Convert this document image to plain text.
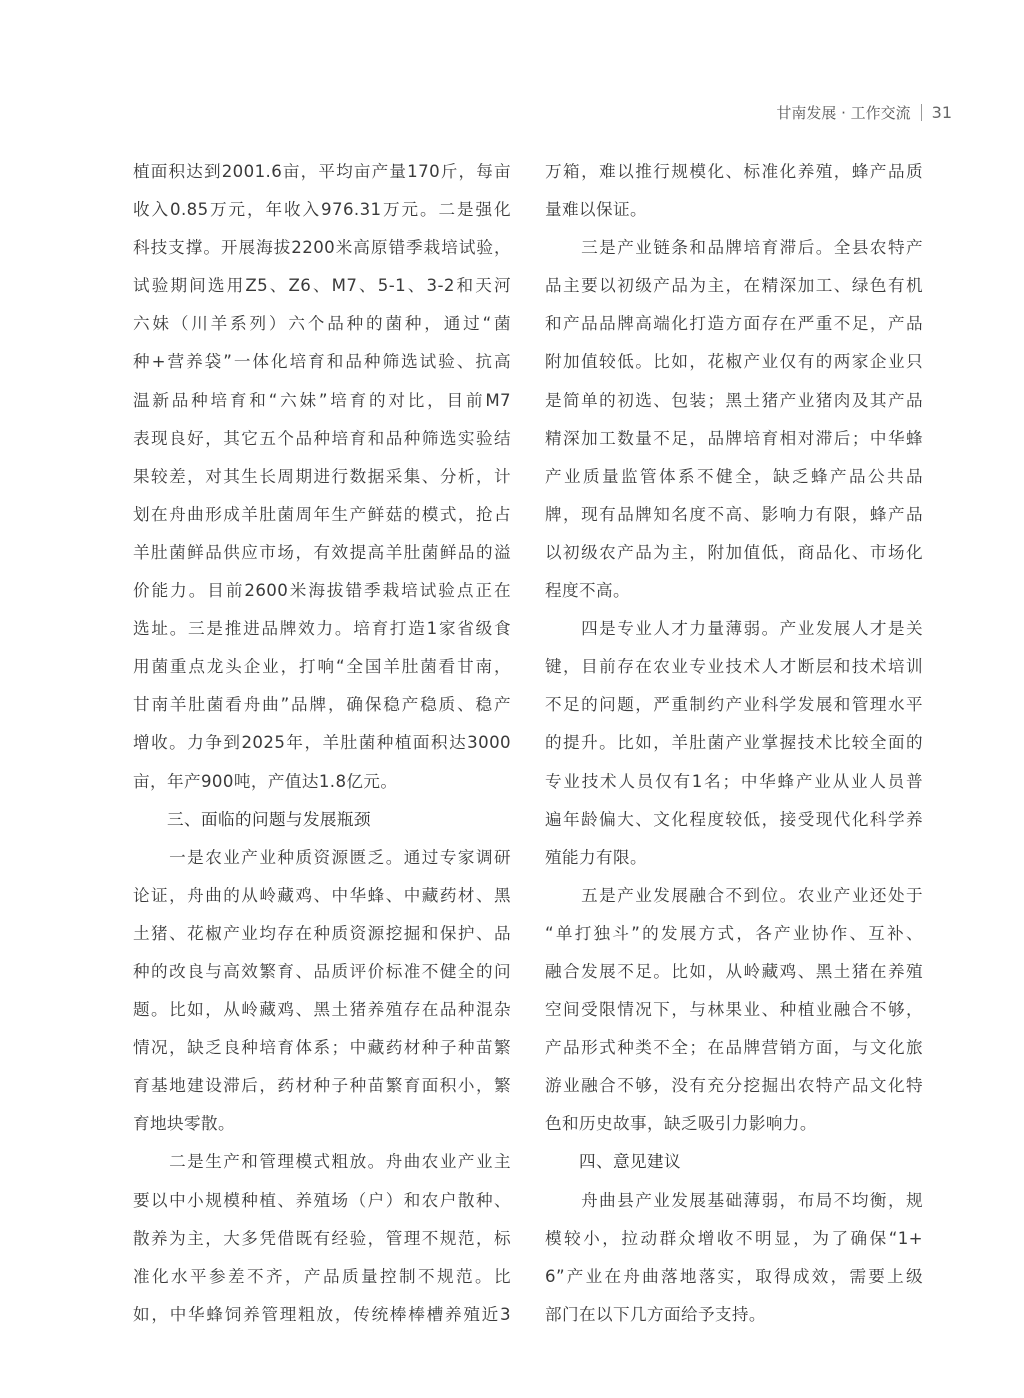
甘南发展 · 工作交流 31
植面积达到2001.6亩，平均亩产量170斤，每亩
收入0.85万元，年收入976.31万元。二是强化
科技支撑。开展海拔2200米高原错季栽培试验，
试验期间选用Z5、Z6、M7、5-1、3-2和天河
六妹（川羊系列）六个品种的菌种，通过“菌
种+营养袋”一体化培育和品种筛选试验、抗高
温新品种培育和“六妹”培育的对比，目前M7
表现良好，其它五个品种培育和品种筛选实验结
果较差，对其生长周期进行数据采集、分析，计
划在舟曲形成羊肚菌周年生产鲜菇的模式，抢占
羊肚菌鲜品供应市场，有效提高羊肚菌鲜品的溢
价能力。目前2600米海拔错季栽培试验点正在
选址。三是推进品牌效力。培育打造1家省级食
用菌重点龙头企业，打响“全国羊肚菌看甘南，
甘南羊肚菌看舟曲”品牌，确保稳产稳质、稳产
增收。力争到2025年，羊肚菌种植面积达3000
亩，年产900吨，产值达1.8亿元。
　　三、面临的问题与发展瓶颈
　　一是农业产业种质资源匮乏。通过专家调研
论证，舟曲的从岭藏鸡、中华蜂、中藏药材、黑
土猪、花椒产业均存在种质资源挖掘和保护、品
种的改良与高效繁育、品质评价标准不健全的问
题。比如，从岭藏鸡、黑土猪养殖存在品种混杂
情况，缺乏良种培育体系；中藏药材种子种苗繁
育基地建设滞后，药材种子种苗繁育面积小，繁
育地块零散。
　　二是生产和管理模式粗放。舟曲农业产业主
要以中小规模种植、养殖场（户）和农户散种、
散养为主，大多凭借既有经验，管理不规范，标
准化水平参差不齐，产品质量控制不规范。比
如，中华蜂饲养管理粗放，传统棒棒槽养殖近3
万箱，难以推行规模化、标准化养殖，蜂产品质
量难以保证。
　　三是产业链条和品牌培育滞后。全县农特产
品主要以初级产品为主，在精深加工、绿色有机
和产品品牌高端化打造方面存在严重不足，产品
附加值较低。比如，花椒产业仅有的两家企业只
是简单的初选、包装；黑土猪产业猪肉及其产品
精深加工数量不足，品牌培育相对滞后；中华蜂
产业质量监管体系不健全，缺乏蜂产品公共品
牌，现有品牌知名度不高、影响力有限，蜂产品
以初级农产品为主，附加值低，商品化、市场化
程度不高。
　　四是专业人才力量薄弱。产业发展人才是关
键，目前存在农业专业技术人才断层和技术培训
不足的问题，严重制约产业科学发展和管理水平
的提升。比如，羊肚菌产业掌握技术比较全面的
专业技术人员仅有1名；中华蜂产业从业人员普
遍年龄偏大、文化程度较低，接受现代化科学养
殖能力有限。
　　五是产业发展融合不到位。农业产业还处于
“单打独斗”的发展方式，各产业协作、互补、
融合发展不足。比如，从岭藏鸡、黑土猪在养殖
空间受限情况下，与林果业、种植业融合不够，
产品形式种类不全；在品牌营销方面，与文化旅
游业融合不够，没有充分挖掘出农特产品文化特
色和历史故事，缺乏吸引力影响力。
　　四、意见建议
　　舟曲县产业发展基础薄弱，布局不均衡，规
模较小，拉动群众增收不明显，为了确保“1+
6”产业在舟曲落地落实，取得成效，需要上级
部门在以下几方面给予支持。
